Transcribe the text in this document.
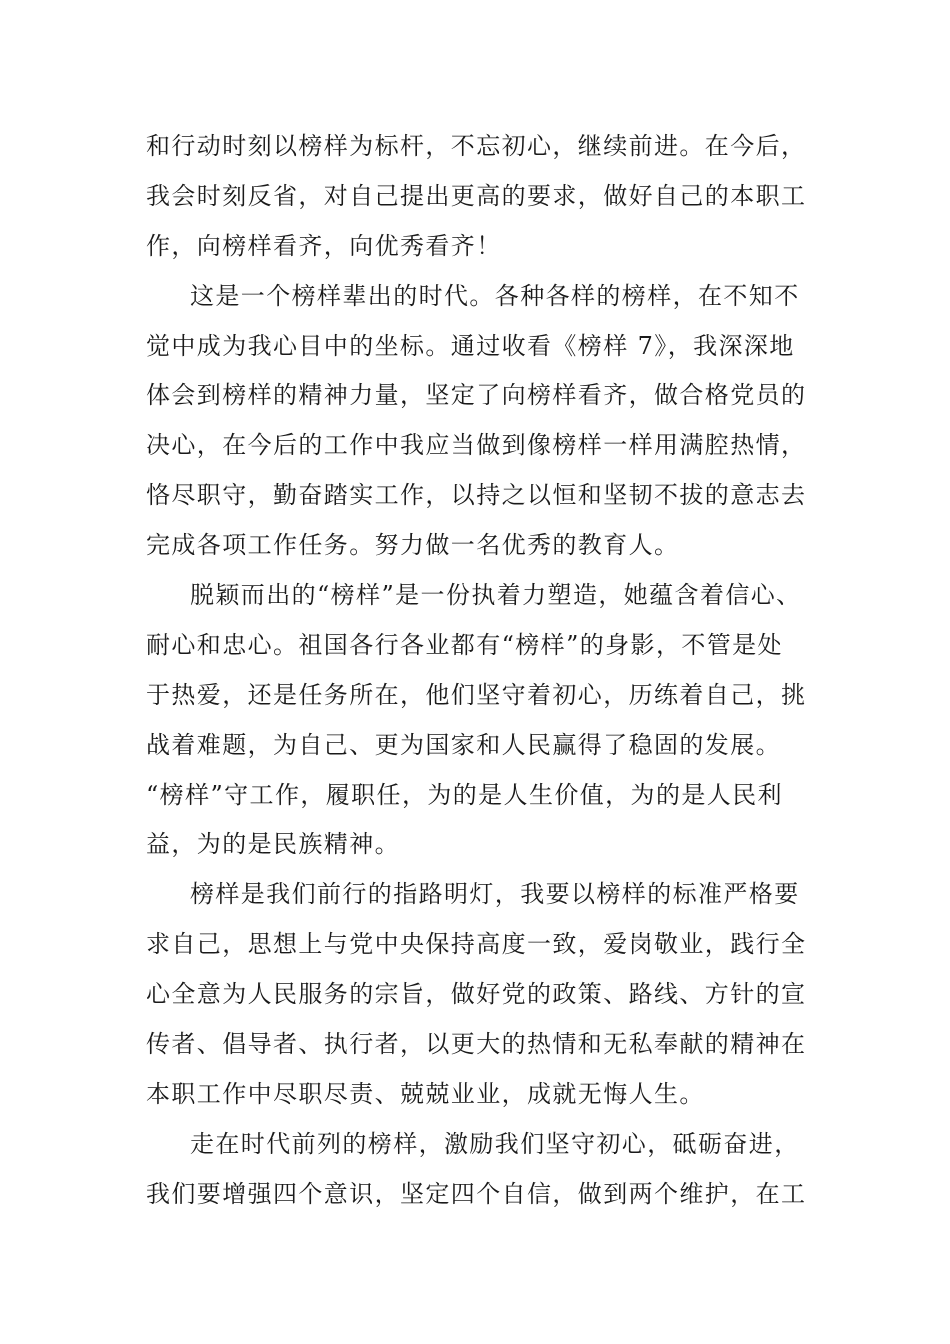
和行动时刻以榜样为标杆，不忘初心，继续前进。在今后，
我会时刻反省，对自己提出更高的要求，做好自己的本职工
作，向榜样看齐，向优秀看齐！
这是一个榜样辈出的时代。各种各样的榜样，在不知不
觉中成为我心目中的坐标。通过收看《榜样 7》，我深深地
体会到榜样的精神力量，坚定了向榜样看齐，做合格党员的
决心，在今后的工作中我应当做到像榜样一样用满腔热情，
恪尽职守，勤奋踏实工作，以持之以恒和坚韧不拔的意志去
完成各项工作任务。努力做一名优秀的教育人。
脱颖而出的“榜样”是一份执着力塑造，她蕴含着信心、
耐心和忠心。祖国各行各业都有“榜样”的身影，不管是处
于热爱，还是任务所在，他们坚守着初心，历练着自己，挑
战着难题，为自己、更为国家和人民赢得了稳固的发展。
“榜样”守工作，履职任，为的是人生价值，为的是人民利
益，为的是民族精神。
榜样是我们前行的指路明灯，我要以榜样的标准严格要
求自己，思想上与党中央保持高度一致，爱岗敬业，践行全
心全意为人民服务的宗旨，做好党的政策、路线、方针的宣
传者、倡导者、执行者，以更大的热情和无私奉献的精神在
本职工作中尽职尽责、兢兢业业，成就无悔人生。
走在时代前列的榜样，激励我们坚守初心，砥砺奋进，
我们要增强四个意识，坚定四个自信，做到两个维护，在工
